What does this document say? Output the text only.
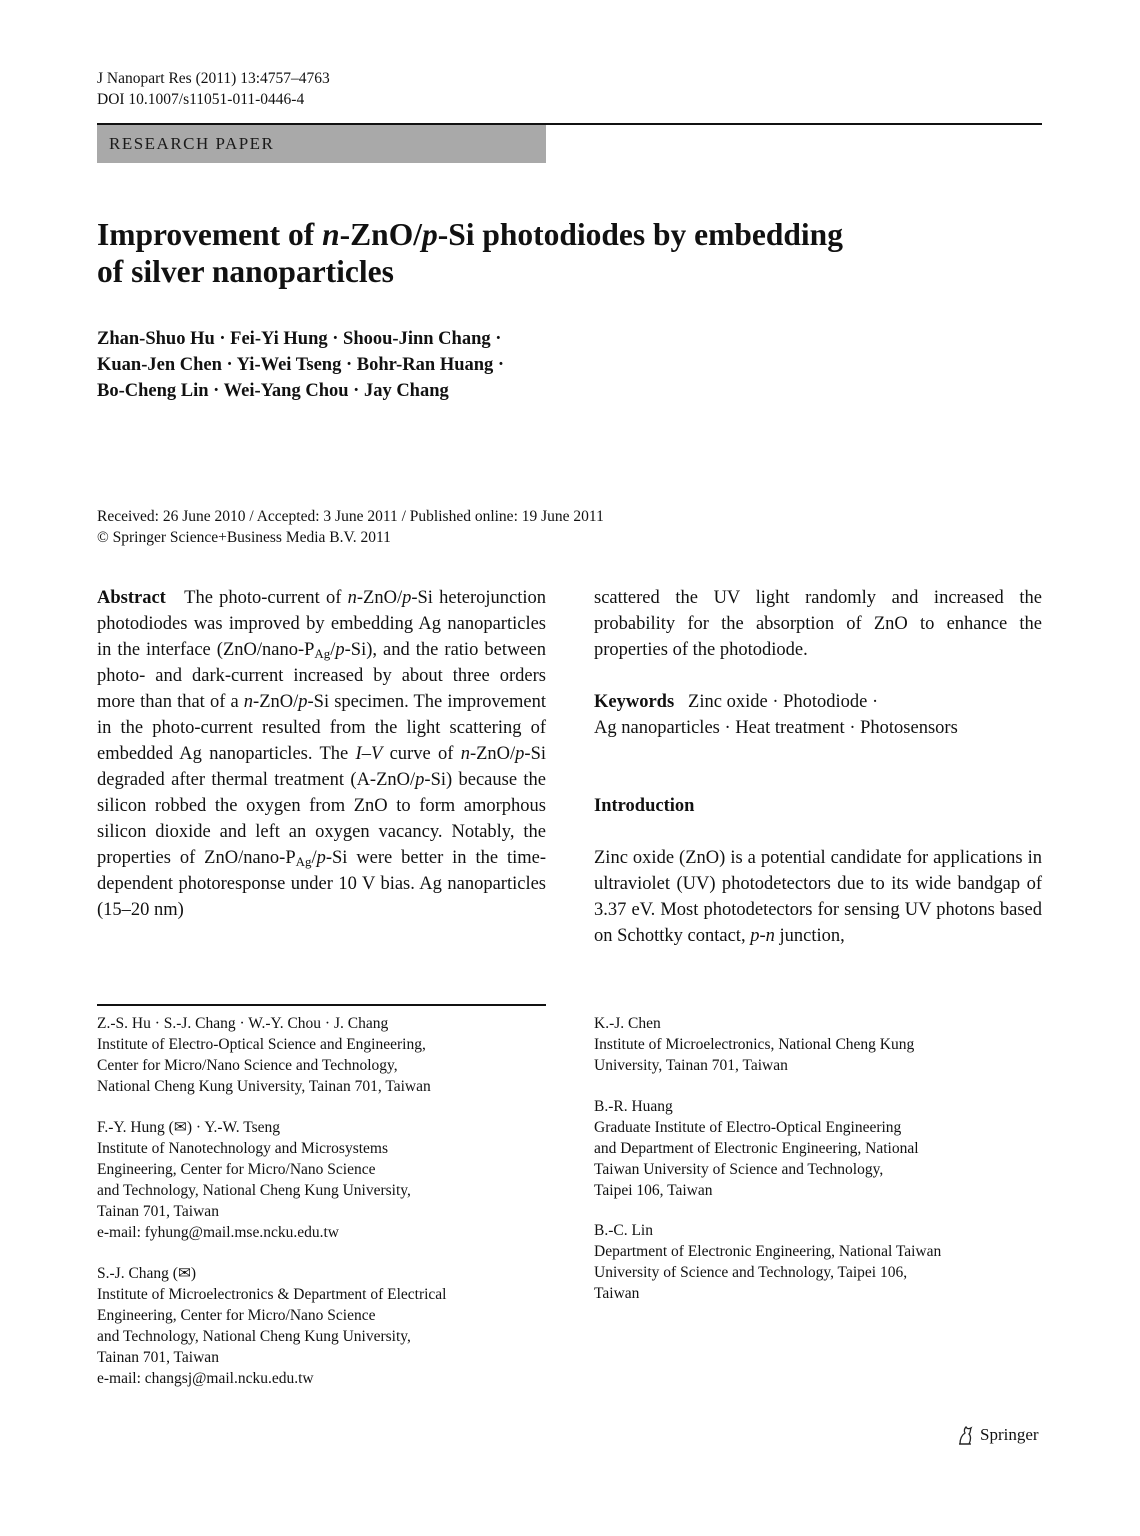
J Nanopart Res (2011) 13:4757–4763
DOI 10.1007/s11051-011-0446-4
RESEARCH PAPER
Improvement of n-ZnO/p-Si photodiodes by embedding
of silver nanoparticles
Zhan-Shuo Hu · Fei-Yi Hung · Shoou-Jinn Chang ·
Kuan-Jen Chen · Yi-Wei Tseng · Bohr-Ran Huang ·
Bo-Cheng Lin · Wei-Yang Chou · Jay Chang
Received: 26 June 2010 / Accepted: 3 June 2011 / Published online: 19 June 2011
© Springer Science+Business Media B.V. 2011
Abstract The photo-current of n-ZnO/p-Si heterojunction photodiodes was improved by embedding Ag nanoparticles in the interface $(ZnO/nano-P_{Ag}/p-Si)$, and the ratio between photo- and dark-current increased by about three orders more than that of a n-ZnO/p-Si specimen. The improvement in the photo-current resulted from the light scattering of embedded Ag nanoparticles. The I–V curve of n-ZnO/p-Si degraded after thermal treatment (A-ZnO/p-Si) because the silicon robbed the oxygen from ZnO to form amorphous silicon dioxide and left an oxygen vacancy. Notably, the properties of ZnO/$nano-P_{Ag}/p-Si$ were better in the time-dependent photoresponse under 10 V bias. Ag nanoparticles (15–20 nm)
scattered the UV light randomly and increased the probability for the absorption of ZnO to enhance the properties of the photodiode.
Keywords Zinc oxide · Photodiode ·
Ag nanoparticles · Heat treatment · Photosensors
Introduction
Zinc oxide (ZnO) is a potential candidate for applications in ultraviolet (UV) photodetectors due to its wide bandgap of 3.37 eV. Most photodetectors for sensing UV photons based on Schottky contact, p-n junction,
Z.-S. Hu · S.-J. Chang · W.-Y. Chou · J. Chang
Institute of Electro-Optical Science and Engineering,
Center for Micro/Nano Science and Technology,
National Cheng Kung University, Tainan 701, Taiwan
F.-Y. Hung (✉) · Y.-W. Tseng
Institute of Nanotechnology and Microsystems
Engineering, Center for Micro/Nano Science
and Technology, National Cheng Kung University,
Tainan 701, Taiwan
e-mail: fyhung@mail.mse.ncku.edu.tw
S.-J. Chang (✉)
Institute of Microelectronics & Department of Electrical
Engineering, Center for Micro/Nano Science
and Technology, National Cheng Kung University,
Tainan 701, Taiwan
e-mail: changsj@mail.ncku.edu.tw
K.-J. Chen
Institute of Microelectronics, National Cheng Kung
University, Tainan 701, Taiwan
B.-R. Huang
Graduate Institute of Electro-Optical Engineering
and Department of Electronic Engineering, National
Taiwan University of Science and Technology,
Taipei 106, Taiwan
B.-C. Lin
Department of Electronic Engineering, National Taiwan
University of Science and Technology, Taipei 106,
Taiwan
Springer
